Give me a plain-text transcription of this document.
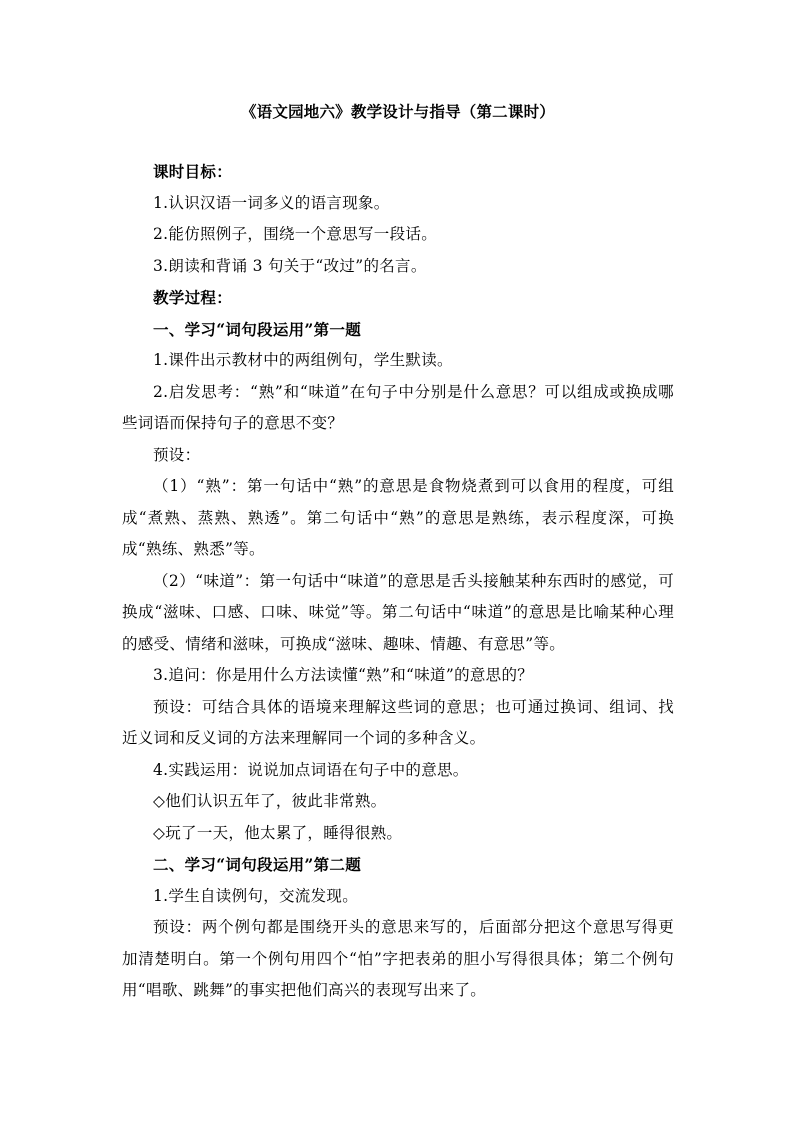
《语文园地六》教学设计与指导（第二课时）

课时目标：

1.认识汉语一词多义的语言现象。

2.能仿照例子，围绕一个意思写一段话。

3.朗读和背诵 3 句关于“改过”的名言。

教学过程：

一、学习“词句段运用”第一题

1.课件出示教材中的两组例句，学生默读。

2.启发思考：“熟”和“味道”在句子中分别是什么意思？可以组成或换成哪些词语而保持句子的意思不变？

预设：

（1）“熟”：第一句话中“熟”的意思是食物烧煮到可以食用的程度，可组成“煮熟、蒸熟、熟透”。第二句话中“熟”的意思是熟练，表示程度深，可换成“熟练、熟悉”等。

（2）“味道”：第一句话中“味道”的意思是舌头接触某种东西时的感觉，可换成“滋味、口感、口味、味觉”等。第二句话中“味道”的意思是比喻某种心理的感受、情绪和滋味，可换成“滋味、趣味、情趣、有意思”等。

3.追问：你是用什么方法读懂“熟”和“味道”的意思的？

预设：可结合具体的语境来理解这些词的意思；也可通过换词、组词、找近义词和反义词的方法来理解同一个词的多种含义。

4.实践运用：说说加点词语在句子中的意思。

◇他们认识五年了，彼此非常熟。

◇玩了一天，他太累了，睡得很熟。

二、学习“词句段运用”第二题

1.学生自读例句，交流发现。

预设：两个例句都是围绕开头的意思来写的，后面部分把这个意思写得更加清楚明白。第一个例句用四个“怕”字把表弟的胆小写得很具体；第二个例句用“唱歌、跳舞”的事实把他们高兴的表现写出来了。
